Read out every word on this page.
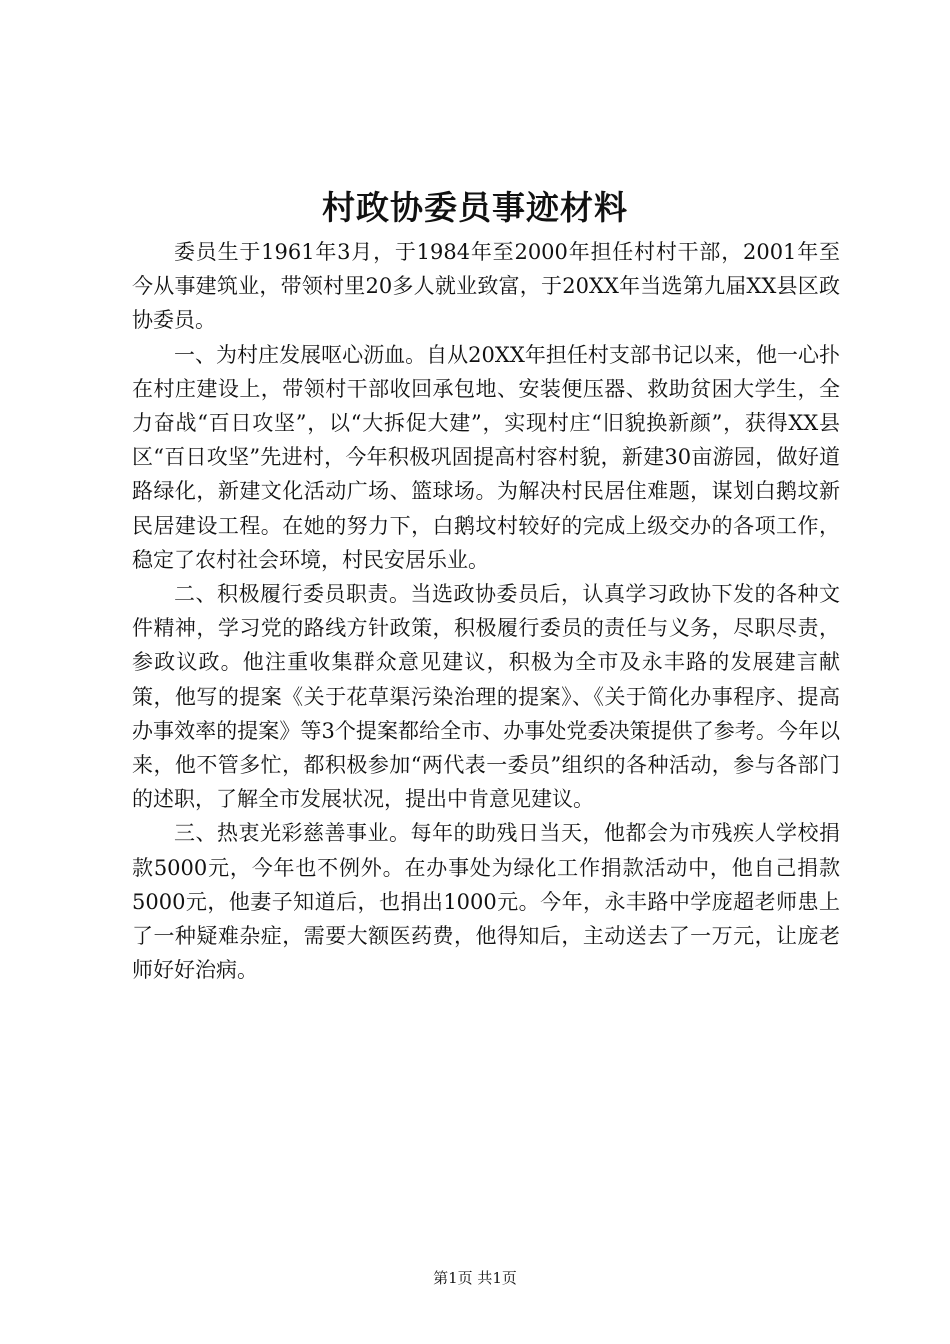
村政协委员事迹材料

委员生于1961年3月，于1984年至2000年担任村村干部，2001年至今从事建筑业，带领村里20多人就业致富，于20XX年当选第九届XX县区政协委员。

一、为村庄发展呕心沥血。自从20XX年担任村支部书记以来，他一心扑在村庄建设上，带领村干部收回承包地、安装便压器、救助贫困大学生，全力奋战“百日攻坚”，以“大拆促大建”，实现村庄“旧貌换新颜”，获得XX县区“百日攻坚”先进村，今年积极巩固提高村容村貌，新建30亩游园，做好道路绿化，新建文化活动广场、篮球场。为解决村民居住难题，谋划白鹅坟新民居建设工程。在她的努力下，白鹅坟村较好的完成上级交办的各项工作，稳定了农村社会环境，村民安居乐业。

二、积极履行委员职责。当选政协委员后，认真学习政协下发的各种文件精神，学习党的路线方针政策，积极履行委员的责任与义务，尽职尽责，参政议政。他注重收集群众意见建议，积极为全市及永丰路的发展建言献策，他写的提案《关于花草渠污染治理的提案》、《关于简化办事程序、提高办事效率的提案》等3个提案都给全市、办事处党委决策提供了参考。今年以来，他不管多忙，都积极参加“两代表一委员”组织的各种活动，参与各部门的述职，了解全市发展状况，提出中肯意见建议。

三、热衷光彩慈善事业。每年的助残日当天，他都会为市残疾人学校捐款5000元，今年也不例外。在办事处为绿化工作捐款活动中，他自己捐款5000元，他妻子知道后，也捐出1000元。今年，永丰路中学庞超老师患上了一种疑难杂症，需要大额医药费，他得知后，主动送去了一万元，让庞老师好好治病。

第1页 共1页
